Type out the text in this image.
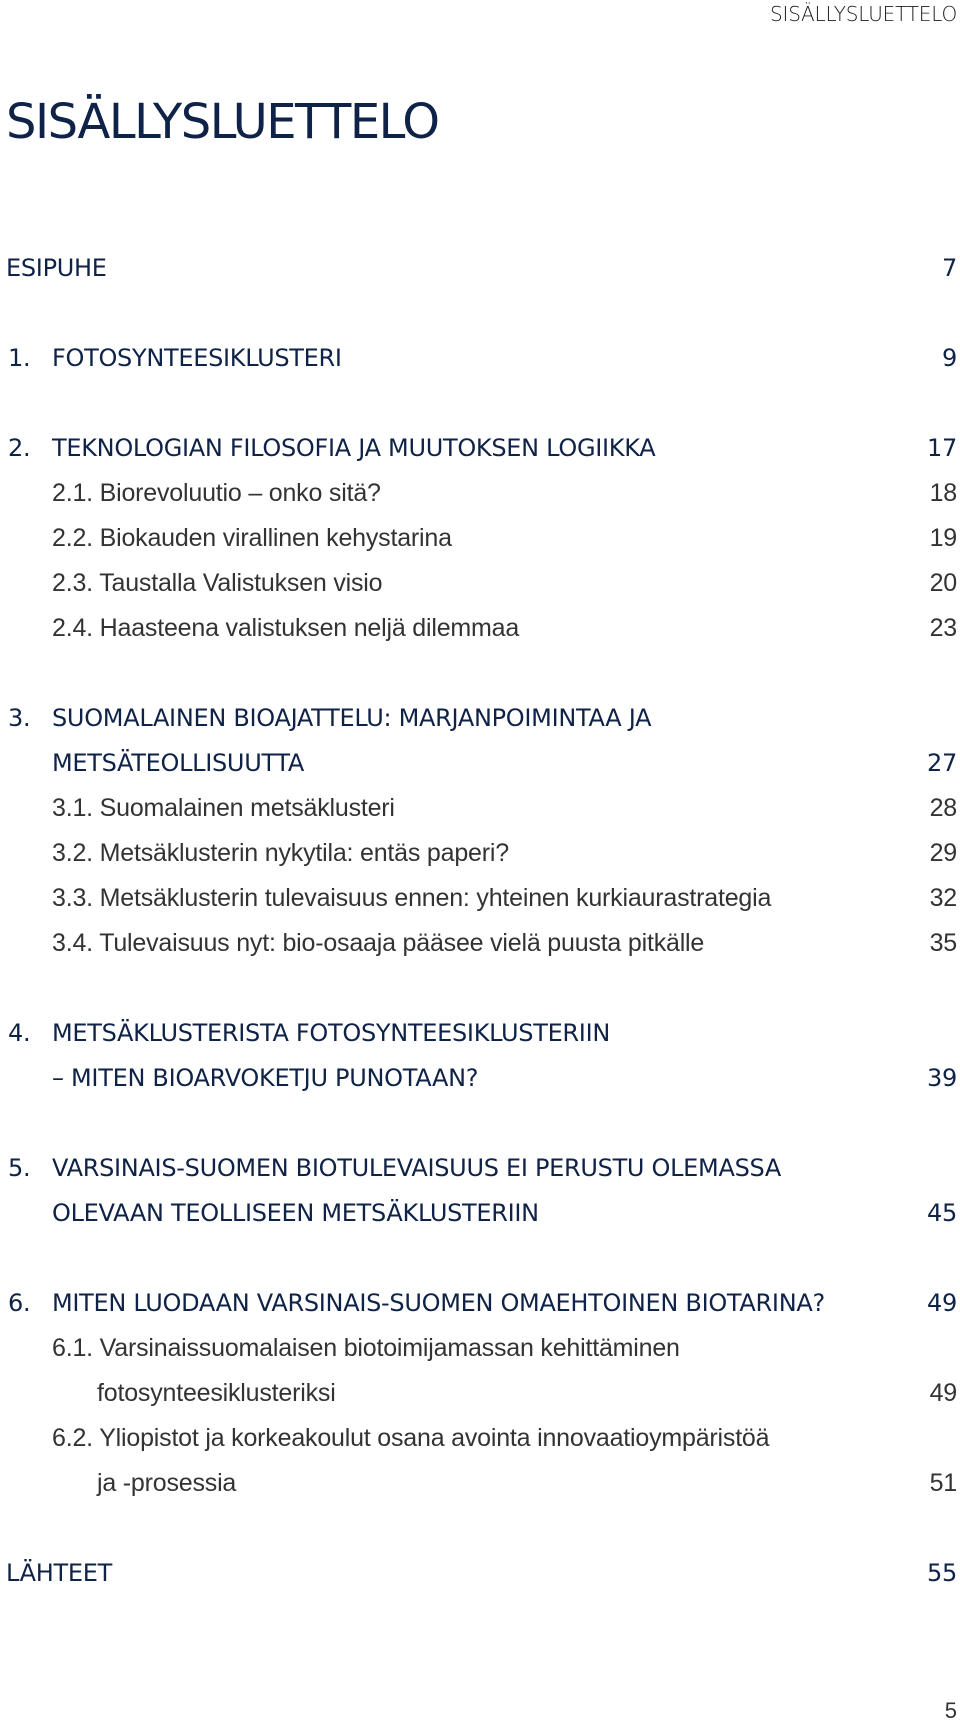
SISÄLLYSLUETTELO
SISÄLLYSLUETTELO
ESIPUHE	7
1. FOTOSYNTEESIKLUSTERI	9
2. TEKNOLOGIAN FILOSOFIA JA MUUTOKSEN LOGIIKKA	17
2.1. Biorevoluutio – onko sitä?	18
2.2. Biokauden virallinen kehystarina	19
2.3. Taustalla Valistuksen visio	20
2.4. Haasteena valistuksen neljä dilemmaa	23
3. SUOMALAINEN BIOAJATTELU: MARJANPOIMINTAA JA
METSÄTEOLLISUUTTA	27
3.1. Suomalainen metsäklusteri	28
3.2. Metsäklusterin nykytila: entäs paperi?	29
3.3. Metsäklusterin tulevaisuus ennen: yhteinen kurkiaurastrategia	32
3.4. Tulevaisuus nyt: bio-osaaja pääsee vielä puusta pitkälle	35
4. METSÄKLUSTERISTA FOTOSYNTEESIKLUSTERIIN
– MITEN BIOARVOKETJU PUNOTAAN?	39
5. VARSINAIS-SUOMEN BIOTULEVAISUUS EI PERUSTU OLEMASSA
OLEVAAN TEOLLISEEN METSÄKLUSTERIIN	45
6. MITEN LUODAAN VARSINAIS-SUOMEN OMAEHTOINEN BIOTARINA?	49
6.1. Varsinaissuomalaisen biotoimijamassan kehittäminen
fotosynteesiklusteriksi	49
6.2. Yliopistot ja korkeakoulut osana avointa innovaatioympäristöä
ja -prosessia	51
LÄHTEET	55
5
